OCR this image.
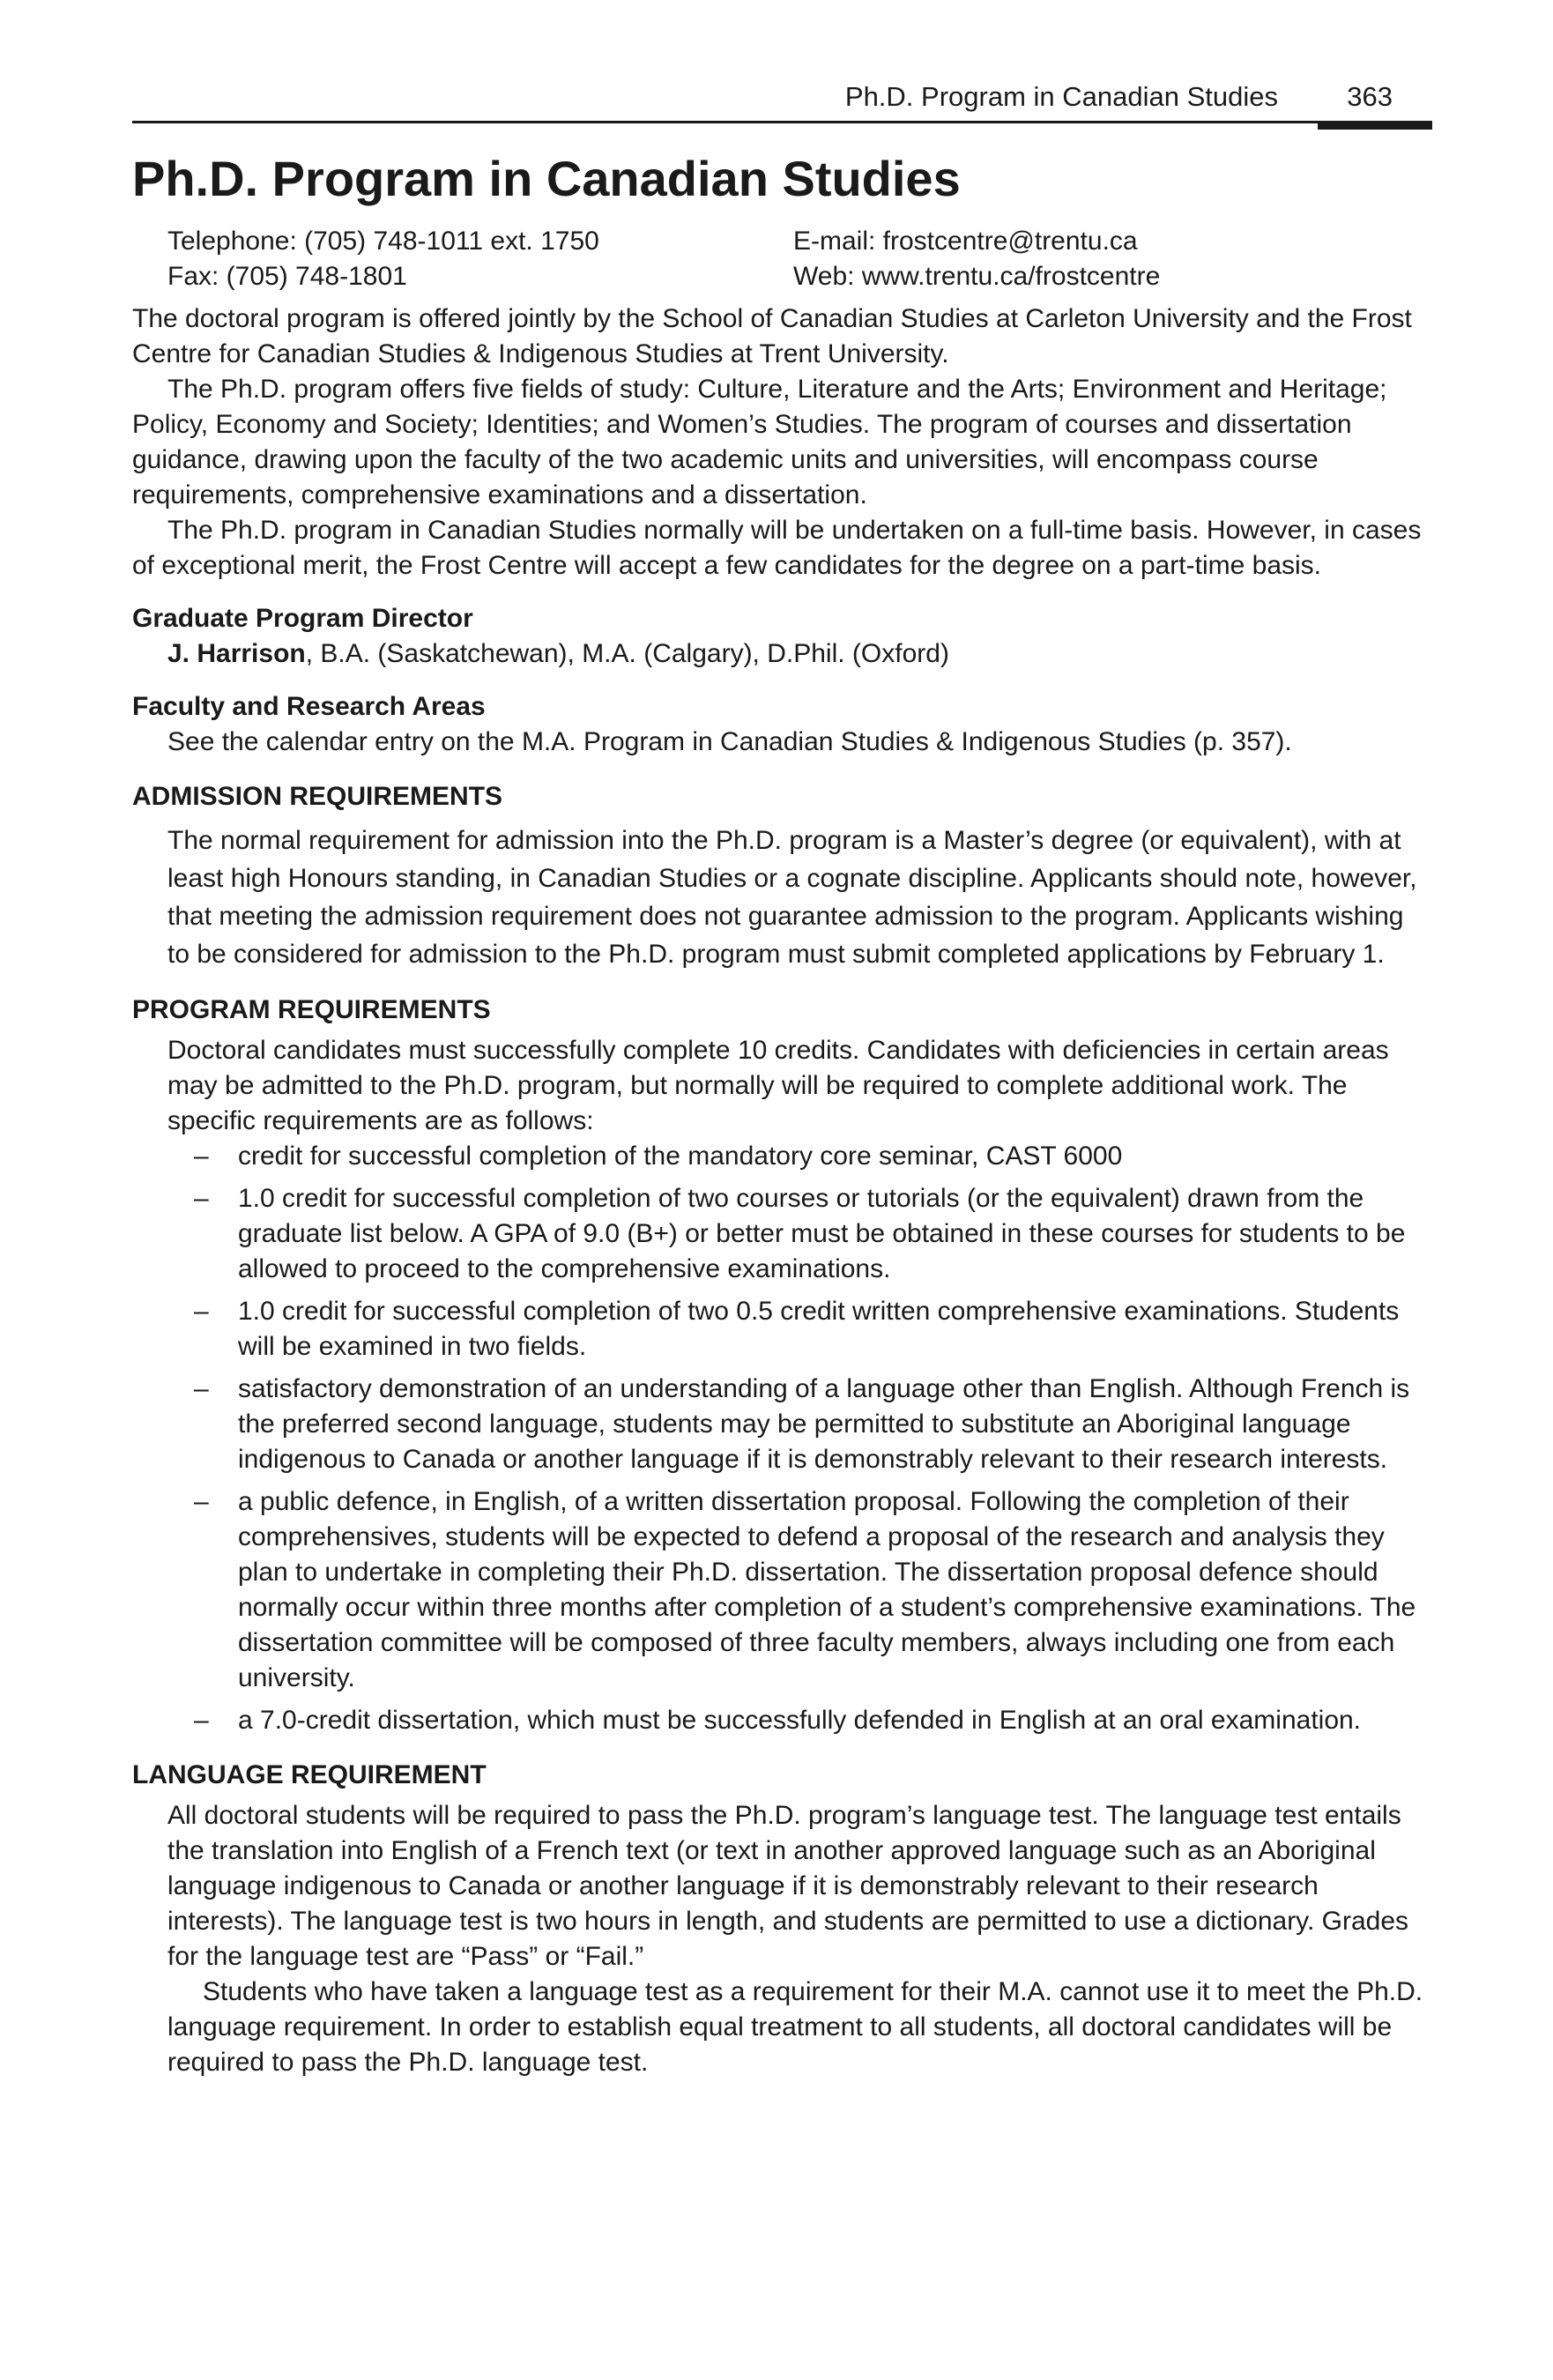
Ph.D. Program in Canadian Studies	363
Ph.D. Program in Canadian Studies
Telephone: (705) 748-1011 ext. 1750
Fax: (705) 748-1801
E-mail: frostcentre@trentu.ca
Web: www.trentu.ca/frostcentre

The doctoral program is offered jointly by the School of Canadian Studies at Carleton University and the Frost Centre for Canadian Studies & Indigenous Studies at Trent University.

The Ph.D. program offers five fields of study: Culture, Literature and the Arts; Environment and Heritage; Policy, Economy and Society; Identities; and Women’s Studies. The program of courses and dissertation guidance, drawing upon the faculty of the two academic units and universities, will encompass course requirements, comprehensive examinations and a dissertation.

The Ph.D. program in Canadian Studies normally will be undertaken on a full-time basis. However, in cases of exceptional merit, the Frost Centre will accept a few candidates for the degree on a part-time basis.

Graduate Program Director
J. Harrison, B.A. (Saskatchewan), M.A. (Calgary), D.Phil. (Oxford)
Faculty and Research Areas
See the calendar entry on the M.A. Program in Canadian Studies & Indigenous Studies (p. 357).
ADMISSION REQUIREMENTS
The normal requirement for admission into the Ph.D. program is a Master’s degree (or equivalent), with at least high Honours standing, in Canadian Studies or a cognate discipline. Applicants should note, however, that meeting the admission requirement does not guarantee admission to the program. Applicants wishing to be considered for admission to the Ph.D. program must submit completed applications by February 1.
PROGRAM REQUIREMENTS
Doctoral candidates must successfully complete 10 credits. Candidates with deficiencies in certain areas may be admitted to the Ph.D. program, but normally will be required to complete additional work. The specific requirements are as follows:
– credit for successful completion of the mandatory core seminar, CAST 6000
– 1.0 credit for successful completion of two courses or tutorials (or the equivalent) drawn from the graduate list below. A GPA of 9.0 (B+) or better must be obtained in these courses for students to be allowed to proceed to the comprehensive examinations.
– 1.0 credit for successful completion of two 0.5 credit written comprehensive examinations. Students will be examined in two fields.
– satisfactory demonstration of an understanding of a language other than English. Although French is the preferred second language, students may be permitted to substitute an Aboriginal language indigenous to Canada or another language if it is demonstrably relevant to their research interests.
– a public defence, in English, of a written dissertation proposal. Following the completion of their comprehensives, students will be expected to defend a proposal of the research and analysis they plan to undertake in completing their Ph.D. dissertation. The dissertation proposal defence should normally occur within three months after completion of a student’s comprehensive examinations. The dissertation committee will be composed of three faculty members, always including one from each university.
– a 7.0-credit dissertation, which must be successfully defended in English at an oral examination.
LANGUAGE REQUIREMENT

All doctoral students will be required to pass the Ph.D. program’s language test. The language test entails the translation into English of a French text (or text in another approved language such as an Aboriginal language indigenous to Canada or another language if it is demonstrably relevant to their research interests). The language test is two hours in length, and students are permitted to use a dictionary. Grades for the language test are “Pass” or “Fail.”

Students who have taken a language test as a requirement for their M.A. cannot use it to meet the Ph.D. language requirement. In order to establish equal treatment to all students, all doctoral candidates will be required to pass the Ph.D. language test.
